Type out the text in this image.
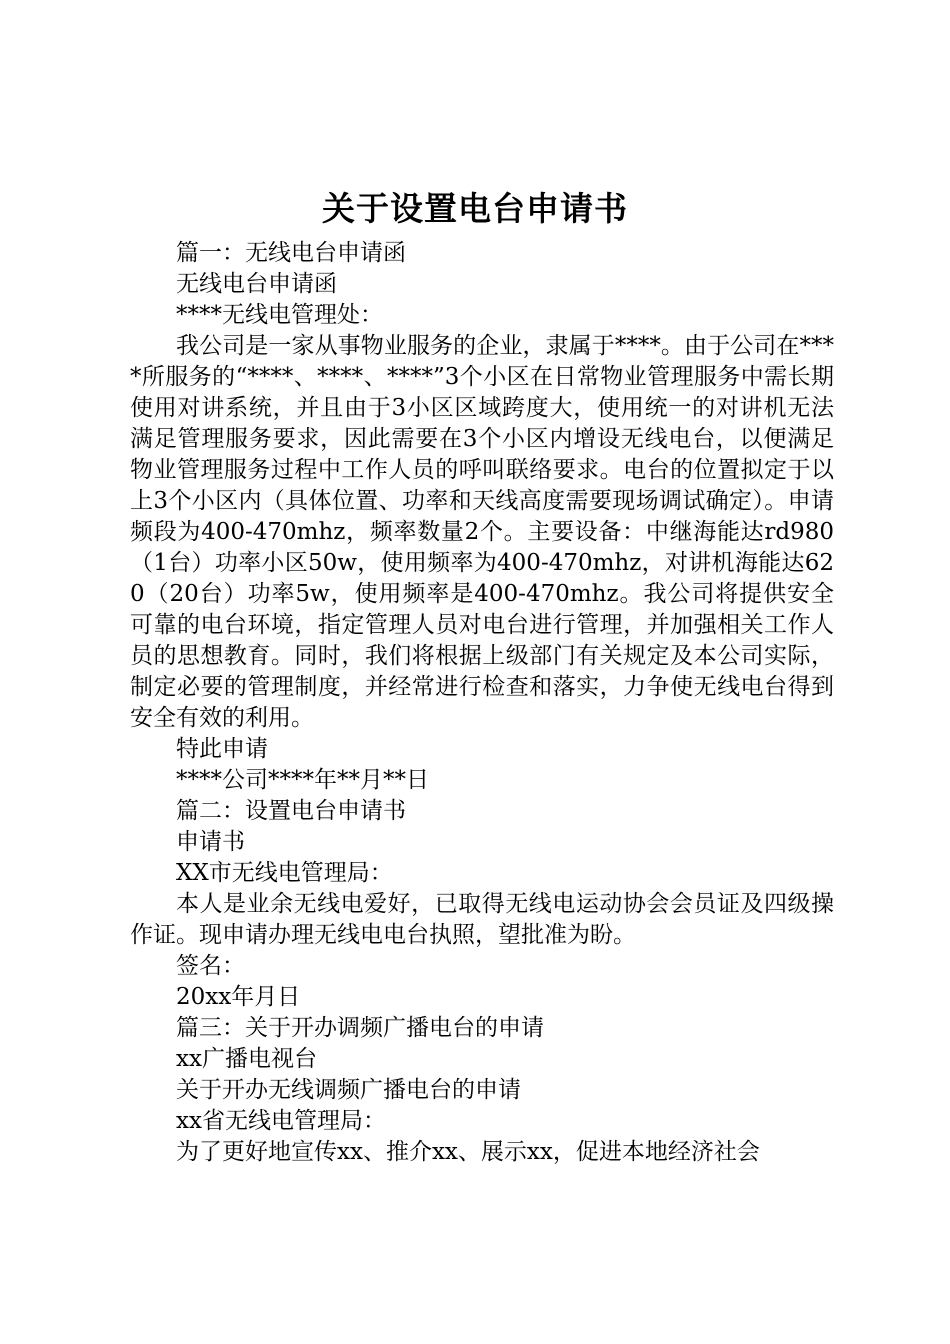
关于设置电台申请书

篇一：无线电台申请函

无线电台申请函

****无线电管理处：

我公司是一家从事物业服务的企业，隶属于****。由于公司在****所服务的“****、****、****”3个小区在日常物业管理服务中需长期使用对讲系统，并且由于3小区区域跨度大，使用统一的对讲机无法满足管理服务要求，因此需要在3个小区内增设无线电台，以便满足物业管理服务过程中工作人员的呼叫联络要求。电台的位置拟定于以上3个小区内（具体位置、功率和天线高度需要现场调试确定）。申请频段为400-470mhz，频率数量2个。主要设备：中继海能达rd980（1台）功率小区50w，使用频率为400-470mhz，对讲机海能达620（20台）功率5w，使用频率是400-470mhz。我公司将提供安全可靠的电台环境，指定管理人员对电台进行管理，并加强相关工作人员的思想教育。同时，我们将根据上级部门有关规定及本公司实际，制定必要的管理制度，并经常进行检查和落实，力争使无线电台得到安全有效的利用。

特此申请

****公司****年**月**日

篇二：设置电台申请书

申请书

XX市无线电管理局：

本人是业余无线电爱好，已取得无线电运动协会会员证及四级操作证。现申请办理无线电电台执照，望批准为盼。

签名：

20xx年月日

篇三：关于开办调频广播电台的申请

xx广播电视台

关于开办无线调频广播电台的申请

xx省无线电管理局：

为了更好地宣传xx、推介xx、展示xx，促进本地经济社会
